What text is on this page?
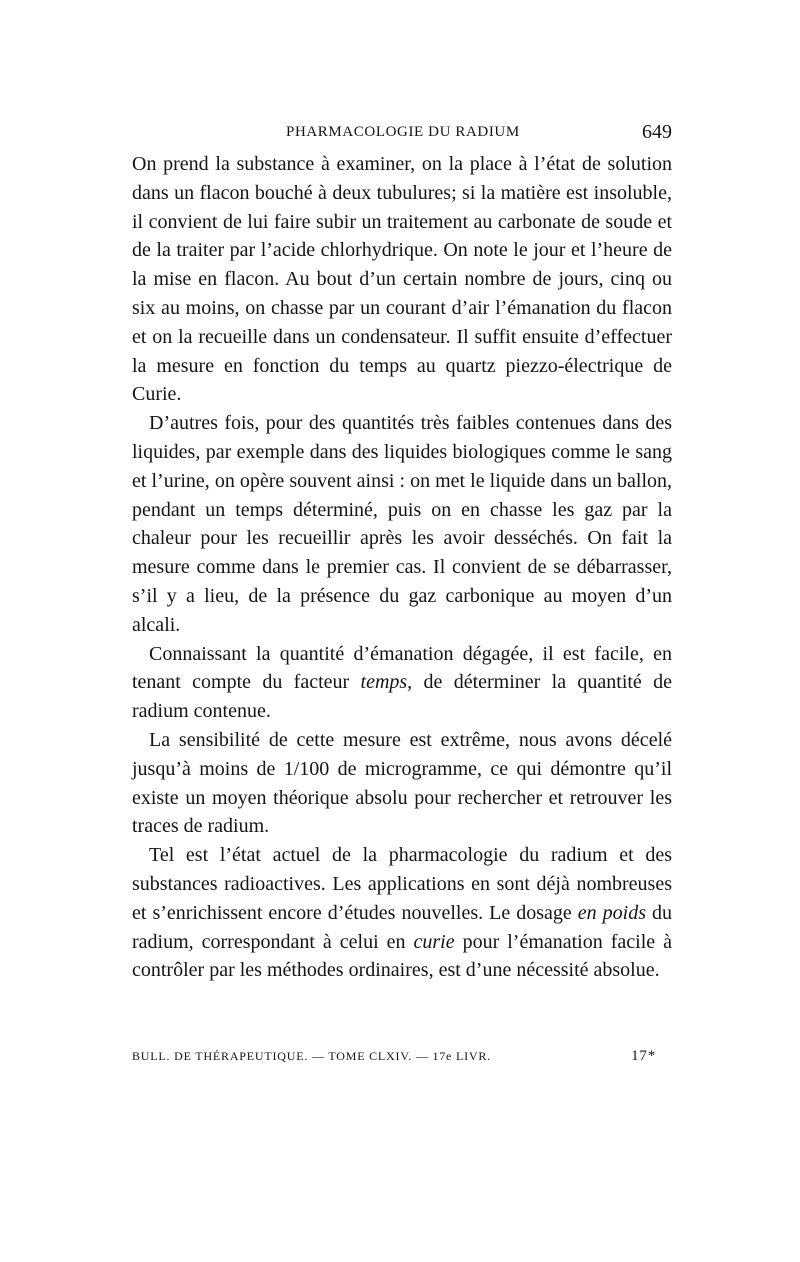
PHARMACOLOGIE DU RADIUM	649

On prend la substance à examiner, on la place à l’état de solution dans un flacon bouché à deux tubulures; si la matière est insoluble, il convient de lui faire subir un traitement au carbonate de soude et de la traiter par l’acide chlorhydrique. On note le jour et l’heure de la mise en flacon. Au bout d’un certain nombre de jours, cinq ou six au moins, on chasse par un courant d’air l’émanation du flacon et on la recueille dans un condensateur. Il suffit ensuite d’effectuer la mesure en fonction du temps au quartz piezzo-électrique de Curie.

D’autres fois, pour des quantités très faibles contenues dans des liquides, par exemple dans des liquides biologiques comme le sang et l’urine, on opère souvent ainsi : on met le liquide dans un ballon, pendant un temps déterminé, puis on en chasse les gaz par la chaleur pour les recueillir après les avoir desséchés. On fait la mesure comme dans le premier cas. Il convient de se débarrasser, s’il y a lieu, de la présence du gaz carbonique au moyen d’un alcali.

Connaissant la quantité d’émanation dégagée, il est facile, en tenant compte du facteur temps, de déterminer la quantité de radium contenue.

La sensibilité de cette mesure est extrême, nous avons décelé jusqu’à moins de 1/100 de microgramme, ce qui démontre qu’il existe un moyen théorique absolu pour rechercher et retrouver les traces de radium.

Tel est l’état actuel de la pharmacologie du radium et des substances radioactives. Les applications en sont déjà nombreuses et s’enrichissent encore d’études nouvelles. Le dosage en poids du radium, correspondant à celui en curie pour l’émanation facile à contrôler par les méthodes ordinaires, est d’une nécessité absolue.

BULL. DE THÉRAPEUTIQUE. — TOME CLXIV. — 17e LIVR.	17*
